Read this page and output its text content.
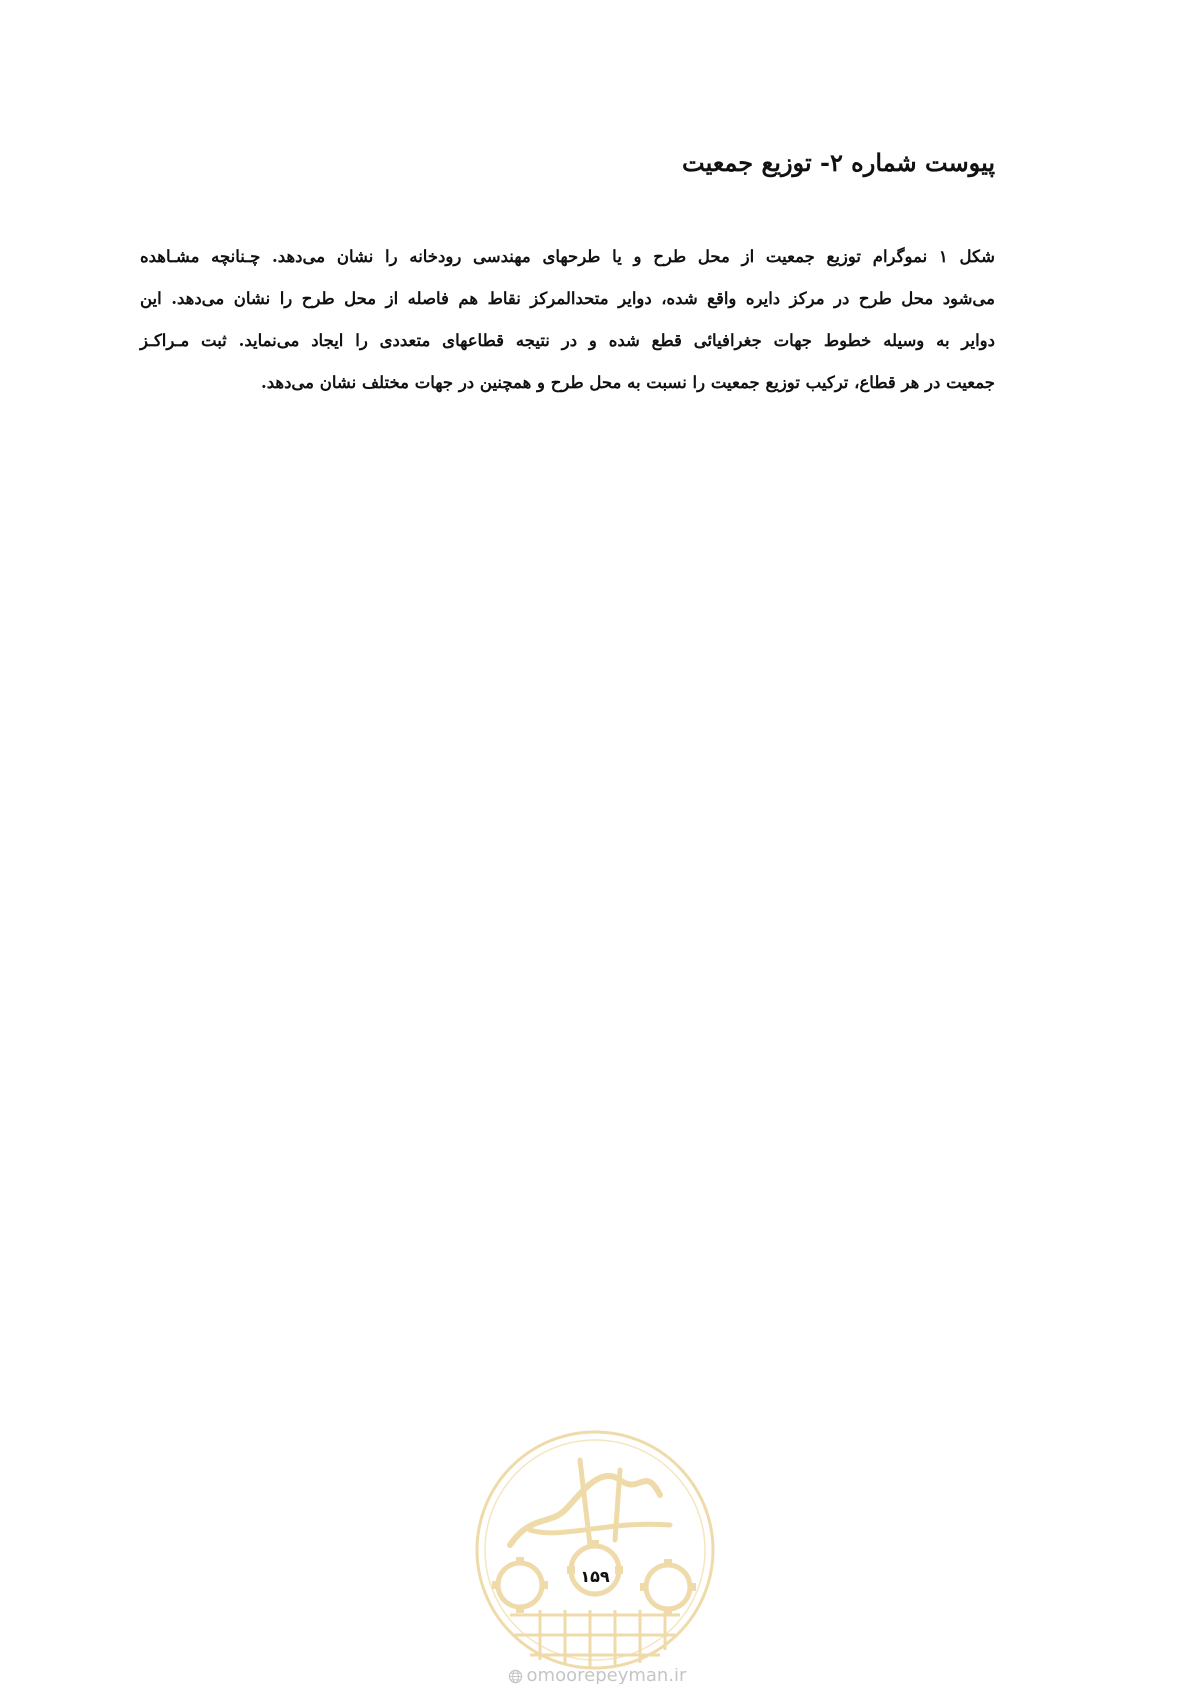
پیوست شماره ۲- توزیع جمعیت

شکل ۱ نموگرام توزیع جمعیت از محل طرح و یا طرحهای مهندسی رودخانه را نشان می‌دهد. چـنانچه مشـاهده
می‌شود محل طرح در مرکز دایره واقع شده، دوایر متحدالمرکز نقاط هم فاصله از محل طرح را نشان می‌دهد. این
دوایر به وسیله خطوط جهات جغرافیائی قطع شده و در نتیجه قطاعهای متعددی را ایجاد می‌نماید. ثبت مـراکـز
جمعیت در هر قطاع، ترکیب توزیع جمعیت را نسبت به محل طرح و همچنین در جهات مختلف نشان می‌دهد.

۱۵۹
omoorepeyman.ir
